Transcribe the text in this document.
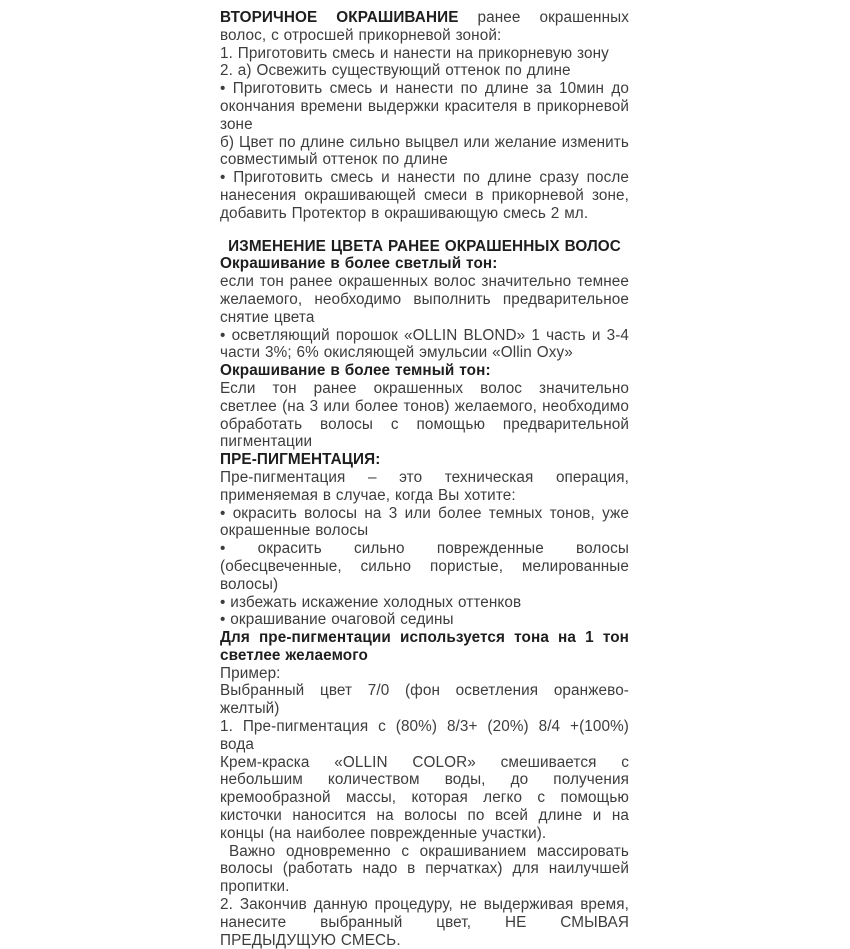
ВТОРИЧНОЕ ОКРАШИВАНИЕ ранее окрашенных волос, с отросшей прикорневой зоной:

1. Приготовить смесь и нанести на прикорневую зону

2. а) Освежить существующий оттенок по длине

• Приготовить смесь и нанести по длине за 10мин до окончания времени выдержки красителя в прикорневой зоне

б) Цвет по длине сильно выцвел или желание изменить совместимый оттенок по длине

• Приготовить смесь и нанести по длине сразу после нанесения окрашивающей смеси в прикорневой зоне, добавить Протектор в окрашивающую смесь 2 мл.

ИЗМЕНЕНИЕ ЦВЕТА РАНЕЕ ОКРАШЕННЫХ ВОЛОС

Окрашивание в более светлый тон:

если тон ранее окрашенных волос значительно темнее желаемого, необходимо выполнить предварительное снятие цвета

• осветляющий порошок «OLLIN BLOND» 1 часть и 3-4 части 3%; 6% окисляющей эмульсии «Ollin Oxy»

Окрашивание в более темный тон:

Если тон ранее окрашенных волос значительно светлее (на 3 или более тонов) желаемого, необходимо обработать волосы с помощью предварительной пигментации

ПРЕ-ПИГМЕНТАЦИЯ:

Пре-пигментация – это техническая операция, применяемая в случае, когда Вы хотите:

• окрасить волосы на 3 или более темных тонов, уже окрашенные волосы

• окрасить сильно поврежденные волосы (обесцвеченные, сильно пористые, мелированные волосы)

• избежать искажение холодных оттенков

• окрашивание очаговой седины

Для пре-пигментации используется тона на 1 тон светлее желаемого

Пример:

Выбранный цвет 7/0 (фон осветления оранжево-желтый)

1. Пре-пигментация с (80%) 8/3+ (20%) 8/4 +(100%) вода

Крем-краска «OLLIN COLOR» смешивается с небольшим количеством воды, до получения кремообразной массы, которая легко с помощью кисточки наносится на волосы по всей длине и на концы (на наиболее поврежденные участки).

Важно одновременно с окрашиванием массировать волосы (работать надо в перчатках) для наилучшей пропитки.

2. Закончив данную процедуру, не выдерживая время, нанесите выбранный цвет, НЕ СМЫВАЯ ПРЕДЫДУЩУЮ СМЕСЬ.
